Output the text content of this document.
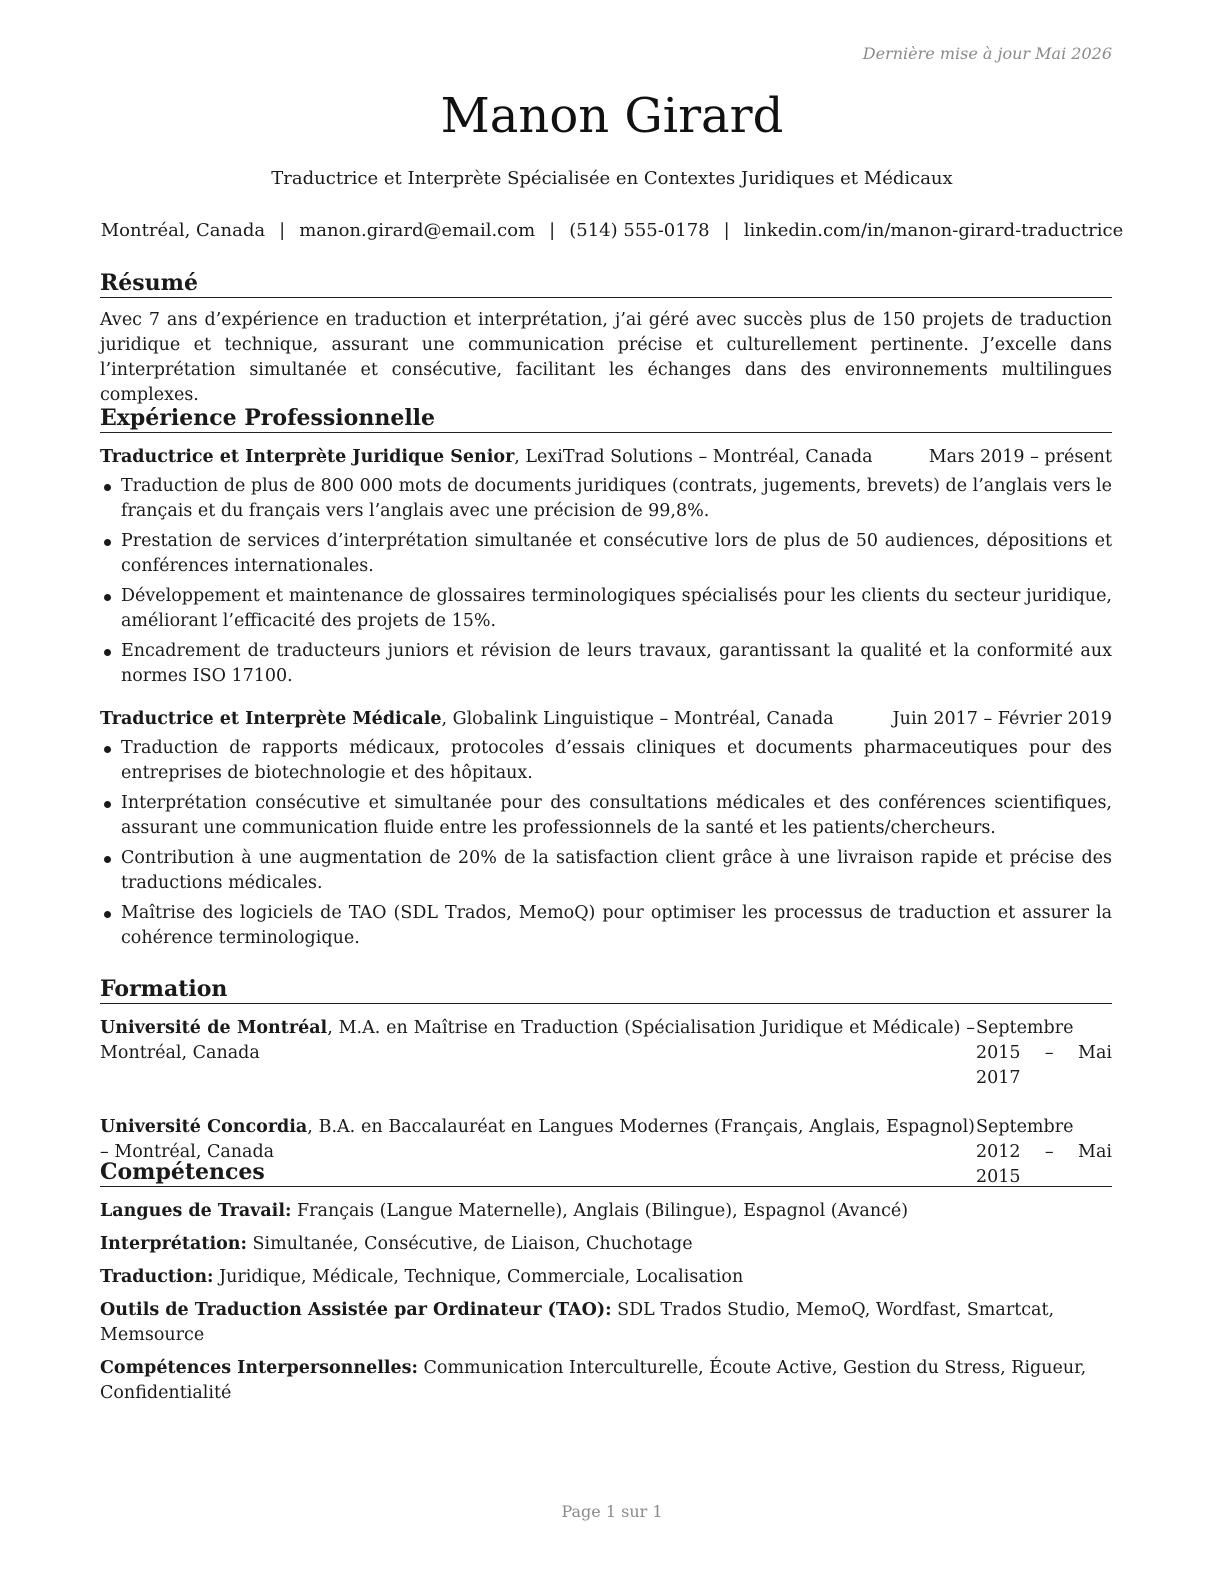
Dernière mise à jour Mai 2026
Manon Girard
Traductrice et Interprète Spécialisée en Contextes Juridiques et Médicaux
Montréal, Canada | manon.girard@email.com | (514) 555-0178 | linkedin.com/in/manon-girard-traductrice
Résumé

Avec 7 ans d’expérience en traduction et interprétation, j’ai géré avec succès plus de 150 projets de traduction juridique et technique, assurant une communication précise et culturellement pertinente. J’excelle dans l’interprétation simultanée et consécutive, facilitant les échanges dans des environnements multilingues complexes.

Expérience Professionnelle
Traductrice et Interprète Juridique Senior, LexiTrad Solutions – Montréal, Canada	Mars 2019 – présent
Traduction de plus de 800 000 mots de documents juridiques (contrats, jugements, brevets) de l’anglais vers le français et du français vers l’anglais avec une précision de 99,8%.
Prestation de services d’interprétation simultanée et consécutive lors de plus de 50 audiences, dépositions et conférences internationales.
Développement et maintenance de glossaires terminologiques spécialisés pour les clients du secteur juridique, améliorant l’efficacité des projets de 15%.
Encadrement de traducteurs juniors et révision de leurs travaux, garantissant la qualité et la conformité aux normes ISO 17100.
Traductrice et Interprète Médicale, Globalink Linguistique – Montréal, Canada	Juin 2017 – Février 2019
Traduction de rapports médicaux, protocoles d’essais cliniques et documents pharmaceutiques pour des entreprises de biotechnologie et des hôpitaux.
Interprétation consécutive et simultanée pour des consultations médicales et des conférences scientifiques, assurant une communication fluide entre les professionnels de la santé et les patients/chercheurs.
Contribution à une augmentation de 20% de la satisfaction client grâce à une livraison rapide et précise des traductions médicales.
Maîtrise des logiciels de TAO (SDL Trados, MemoQ) pour optimiser les processus de traduction et assurer la cohérence terminologique.
Formation
Université de Montréal, M.A. en Maîtrise en Traduction (Spécialisation Juridique et Médicale) – Montréal, Canada
Septembre 2015 – Mai 2017
Université Concordia, B.A. en Baccalauréat en Langues Modernes (Français, Anglais, Espagnol) – Montréal, Canada
Septembre 2012 – Mai 2015
Compétences
Langues de Travail: Français (Langue Maternelle), Anglais (Bilingue), Espagnol (Avancé)
Interprétation: Simultanée, Consécutive, de Liaison, Chuchotage
Traduction: Juridique, Médicale, Technique, Commerciale, Localisation
Outils de Traduction Assistée par Ordinateur (TAO): SDL Trados Studio, MemoQ, Wordfast, Smartcat, Memsource
Compétences Interpersonnelles: Communication Interculturelle, Écoute Active, Gestion du Stress, Rigueur, Confidentialité
Page 1 sur 1
